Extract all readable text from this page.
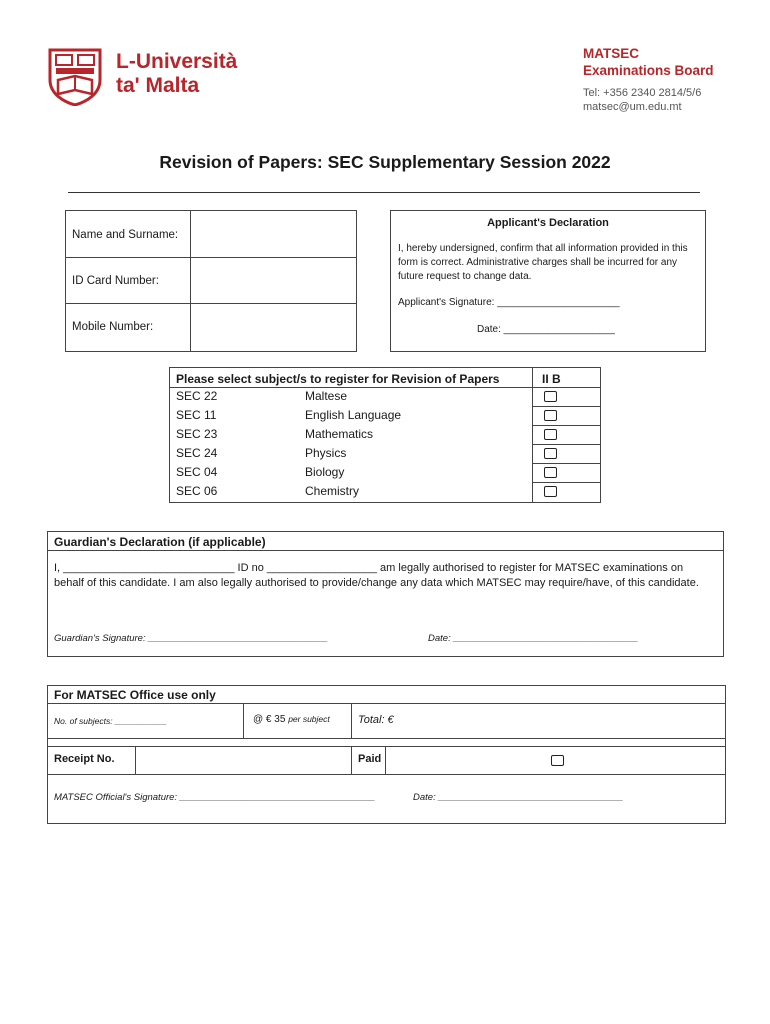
L-Università
ta' Malta
MATSEC
Examinations Board
Tel: +356 2340 2814/5/6
matsec@um.edu.mt
Revision of Papers: SEC Supplementary Session 2022
Name and Surname:
ID Card Number:
Mobile Number:
Applicant's Declaration
I, hereby undersigned, confirm that all information provided in this form is correct. Administrative charges shall be incurred for any future request to change data.
Applicant's Signature: ______________________
Date: ____________________
Please select subject/s to register for Revision of Papers	II B
SEC 22	Maltese
SEC 11	English Language
SEC 23	Mathematics
SEC 24	Physics
SEC 04	Biology
SEC 06	Chemistry
Guardian's Declaration (if applicable)
I, ____________________________ ID no __________________ am legally authorised to register for MATSEC examinations on behalf of this candidate. I am also legally authorised to provide/change any data which MATSEC may require/have, of this candidate.
Guardian's Signature: __________________________________	Date: ___________________________________
For MATSEC Office use only
No. of subjects: ___________	@ € 35 per subject	Total: €
Receipt No.	Paid
MATSEC Official's Signature: _____________________________________	Date: ___________________________________
